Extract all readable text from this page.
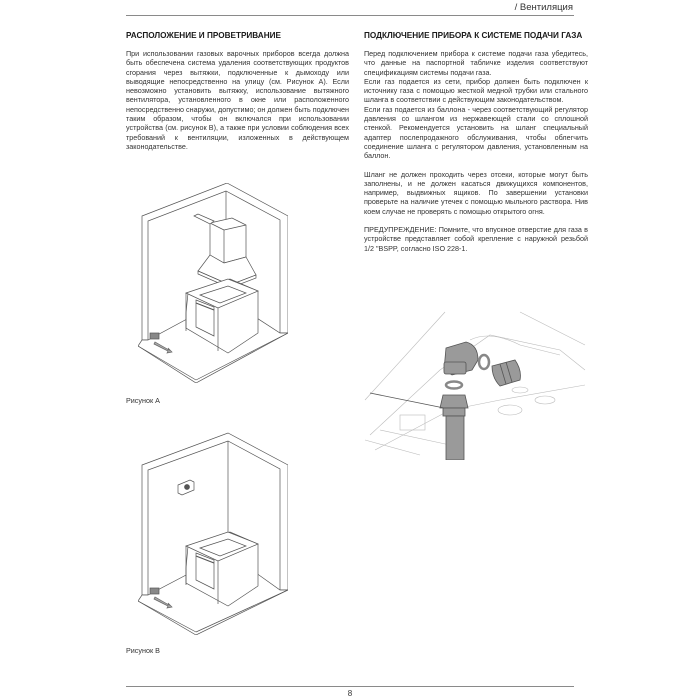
/ Вентиляция
РАСПОЛОЖЕНИЕ И ПРОВЕТРИВАНИЕ

При использовании газовых варочных приборов всегда должна быть обеспечена система удаления соответствующих продуктов сгорания через вытяжки, подключенные к дымоходу или выводящие непосредственно на улицу (см. Рисунок А). Если невозможно установить вытяжку, использование вытяжного вентилятора, установленного в окне или расположенного непосредственно снаружи, допустимо; он должен быть подключен таким образом, чтобы он включался при использовании устройства (см. рисунок В), а также при условии соблюдения всех требований к вентиляции, изложенных в действующем законодательстве.

Рисунок А
Рисунок В
ПОДКЛЮЧЕНИЕ ПРИБОРА К СИСТЕМЕ ПОДАЧИ ГАЗА

Перед подключением прибора к системе подачи газа убедитесь, что данные на паспортной табличке изделия соответствуют спецификациям системы подачи газа.

Если газ подается из сети, прибор должен быть подключен к источнику газа с помощью жесткой медной трубки или стального шланга в соответствии с действующим законодательством.

Если газ подается из баллона - через соответствующий регулятор давления со шлангом из нержавеющей стали со сплошной стенкой. Рекомендуется установить на шланг специальный адаптер послепродажного обслуживания, чтобы облегчить соединение шланга с регулятором давления, установленным на баллон.

Шланг не должен проходить через отсеки, которые могут быть заполнены, и не должен касаться движущихся компонентов, например, выдвижных ящиков. По завершении установки проверьте на наличие утечек с помощью мыльного раствора. Нив коем случае не проверять с помощью открытого огня.

ПРЕДУПРЕЖДЕНИЕ: Помните, что впускное отверстие для газа в устройстве представляет собой крепление с наружной резьбой 1/2 "BSPP, согласно ISO 228-1.

8
